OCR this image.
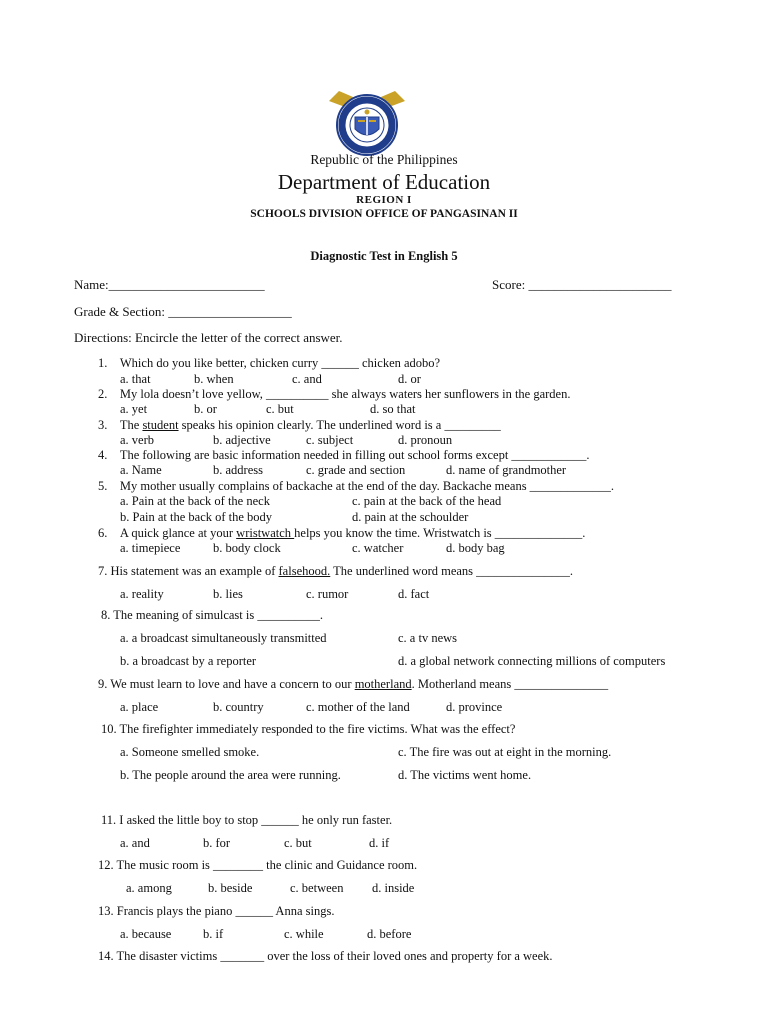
Republic of the Philippines
Department of Education
REGION I
SCHOOLS DIVISION OFFICE OF PANGASINAN II
Diagnostic Test in English 5
Name:________________________	Score: ______________________
Grade & Section: ___________________
Directions: Encircle the letter of the correct answer.
1. Which do you like better, chicken curry ______ chicken adobo?
a. that	b. when	c. and	d. or
2. My lola doesn’t love yellow, __________ she always waters her sunflowers in the garden.
a. yet	b. or	c. but	d. so that
3. The student speaks his opinion clearly. The underlined word is a _________
a. verb	b. adjective	c. subject	d. pronoun
4. The following are basic information needed in filling out school forms except ____________.
a. Name	b. address	c. grade and section	d. name of grandmother
5. My mother usually complains of backache at the end of the day. Backache means _____________.
a. Pain at the back of the neck	c. pain at the back of the head
b. Pain at the back of the body	d. pain at the schoulder
6. A quick glance at your wristwatch helps you know the time. Wristwatch is ______________.
a. timepiece	b. body clock	c. watcher	d. body bag
7. His statement was an example of falsehood. The underlined word means _______________.
a. reality	b. lies	c. rumor	d. fact
8. The meaning of simulcast is __________.
a. a broadcast simultaneously transmitted	c. a tv news
b. a broadcast by a reporter	d. a global network connecting millions of computers
9. We must learn to love and have a concern to our motherland. Motherland means _______________
a. place	b. country	c. mother of the land	d. province
10. The firefighter immediately responded to the fire victims. What was the effect?
a. Someone smelled smoke.	c. The fire was out at eight in the morning.
b. The people around the area were running.	d. The victims went home.
11. I asked the little boy to stop ______ he only run faster.
a. and	b. for	c. but	d. if
12. The music room is ________ the clinic and Guidance room.
a. among	b. beside	c. between d. inside
13. Francis plays the piano ______ Anna sings.
a. because	b. if	c. while	d. before
14. The disaster victims _______ over the loss of their loved ones and property for a week.
